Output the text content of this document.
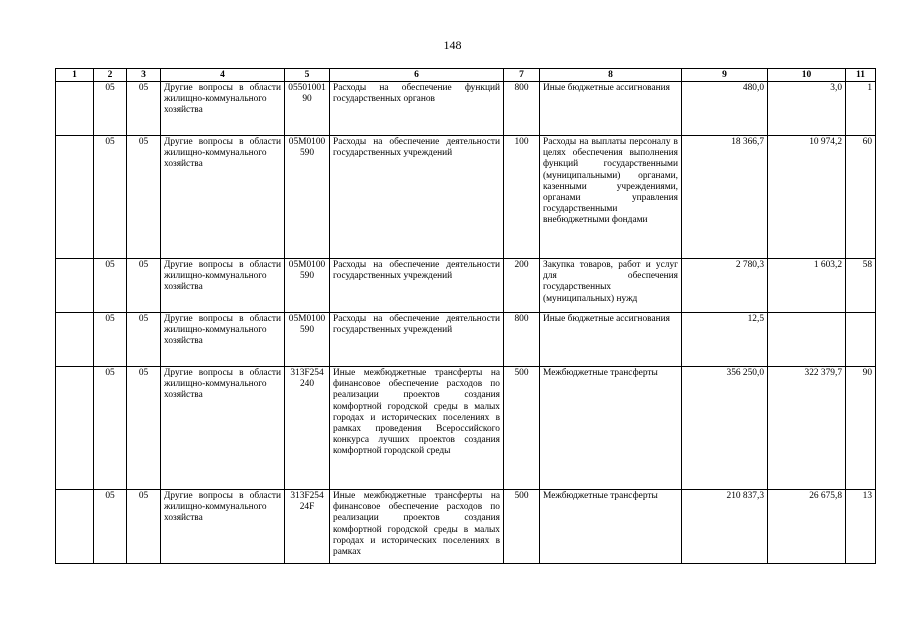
148
1	2	3	4	5	6	7	8	9	10	11
	05	05	Другие вопросы в области жилищно-коммунального хозяйства	0550100190	Расходы на обеспечение функций государственных органов	800	Иные бюджетные ассигнования	480,0	3,0	1
	05	05	Другие вопросы в области жилищно-коммунального хозяйства	05М0100590	Расходы на обеспечение деятельности государственных учреждений	100	Расходы на выплаты персоналу в целях обеспечения выполнения функций государственными (муниципальными) органами, казенными учреждениями, органами управления государственными внебюджетными фондами	18 366,7	10 974,2	60
	05	05	Другие вопросы в области жилищно-коммунального хозяйства	05М0100590	Расходы на обеспечение деятельности государственных учреждений	200	Закупка товаров, работ и услуг для обеспечения государственных (муниципальных) нужд	2 780,3	1 603,2	58
	05	05	Другие вопросы в области жилищно-коммунального хозяйства	05М0100590	Расходы на обеспечение деятельности государственных учреждений	800	Иные бюджетные ассигнования	12,5		
	05	05	Другие вопросы в области жилищно-коммунального хозяйства	313F254240	Иные межбюджетные трансферты на финансовое обеспечение расходов по реализации проектов создания комфортной городской среды в малых городах и исторических поселениях в рамках проведения Всероссийского конкурса лучших проектов создания комфортной городской среды	500	Межбюджетные трансферты	356 250,0	322 379,7	90
	05	05	Другие вопросы в области жилищно-коммунального хозяйства	313F25424F	Иные межбюджетные трансферты на финансовое обеспечение расходов по реализации проектов создания комфортной городской среды в малых городах и исторических поселениях в рамках	500	Межбюджетные трансферты	210 837,3	26 675,8	13
